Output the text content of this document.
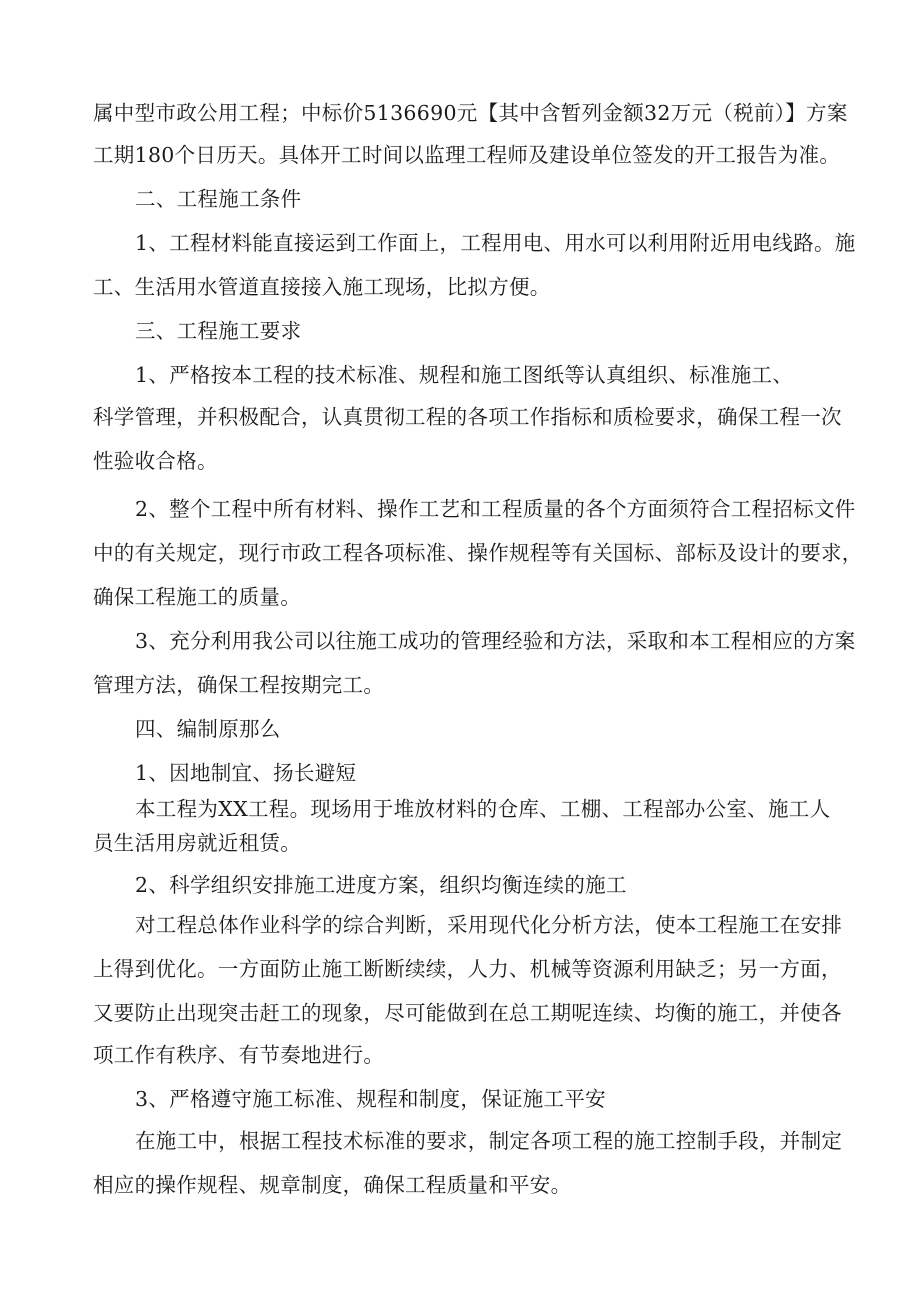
属中型市政公用工程；中标价5136690元【其中含暂列金额32万元（税前）】方案
工期180个日历天。具体开工时间以监理工程师及建设单位签发的开工报告为准。
二、工程施工条件
1、工程材料能直接运到工作面上，工程用电、用水可以利用附近用电线路。施
工、生活用水管道直接接入施工现场，比拟方便。
三、工程施工要求
1、严格按本工程的技术标准、规程和施工图纸等认真组织、标准施工、
科学管理，并积极配合，认真贯彻工程的各项工作指标和质检要求，确保工程一次
性验收合格。
2、整个工程中所有材料、操作工艺和工程质量的各个方面须符合工程招标文件
中的有关规定，现行市政工程各项标准、操作规程等有关国标、部标及设计的要求，
确保工程施工的质量。
3、充分利用我公司以往施工成功的管理经验和方法，采取和本工程相应的方案
管理方法，确保工程按期完工。
四、编制原那么
1、因地制宜、扬长避短
本工程为XX工程。现场用于堆放材料的仓库、工棚、工程部办公室、施工人
员生活用房就近租赁。
2、科学组织安排施工进度方案，组织均衡连续的施工
对工程总体作业科学的综合判断，采用现代化分析方法，使本工程施工在安排
上得到优化。一方面防止施工断断续续，人力、机械等资源利用缺乏；另一方面，
又要防止出现突击赶工的现象，尽可能做到在总工期呢连续、均衡的施工，并使各
项工作有秩序、有节奏地进行。
3、严格遵守施工标准、规程和制度，保证施工平安
在施工中，根据工程技术标准的要求，制定各项工程的施工控制手段，并制定
相应的操作规程、规章制度，确保工程质量和平安。
